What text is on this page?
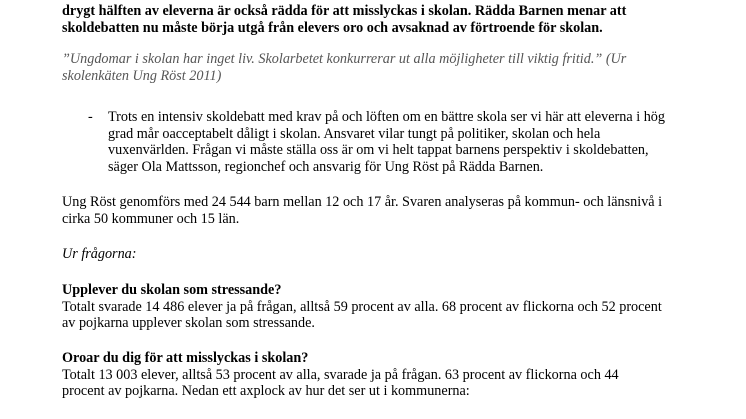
drygt hälften av eleverna är också rädda för att misslyckas i skolan. Rädda Barnen menar att

skoldebatten nu måste börja utgå från elevers oro och avsaknad av förtroende för skolan.

”Ungdomar i skolan har inget liv. Skolarbetet konkurrerar ut alla möjligheter till viktig fritid.” (Ur

skolenkäten Ung Röst 2011)

- Trots en intensiv skoldebatt med krav på och löften om en bättre skola ser vi här att eleverna i hög

grad mår oacceptabelt dåligt i skolan. Ansvaret vilar tungt på politiker, skolan och hela

vuxenvärlden. Frågan vi måste ställa oss är om vi helt tappat barnens perspektiv i skoldebatten,

säger Ola Mattsson, regionchef och ansvarig för Ung Röst på Rädda Barnen.

Ung Röst genomförs med 24 544 barn mellan 12 och 17 år. Svaren analyseras på kommun- och länsnivå i

cirka 50 kommuner och 15 län.

Ur frågorna:

Upplever du skolan som stressande?

Totalt svarade 14 486 elever ja på frågan, alltså 59 procent av alla. 68 procent av flickorna och 52 procent

av pojkarna upplever skolan som stressande.

Oroar du dig för att misslyckas i skolan?

Totalt 13 003 elever, alltså 53 procent av alla, svarade ja på frågan. 63 procent av flickorna och 44

procent av pojkarna. Nedan ett axplock av hur det ser ut i kommunerna:
